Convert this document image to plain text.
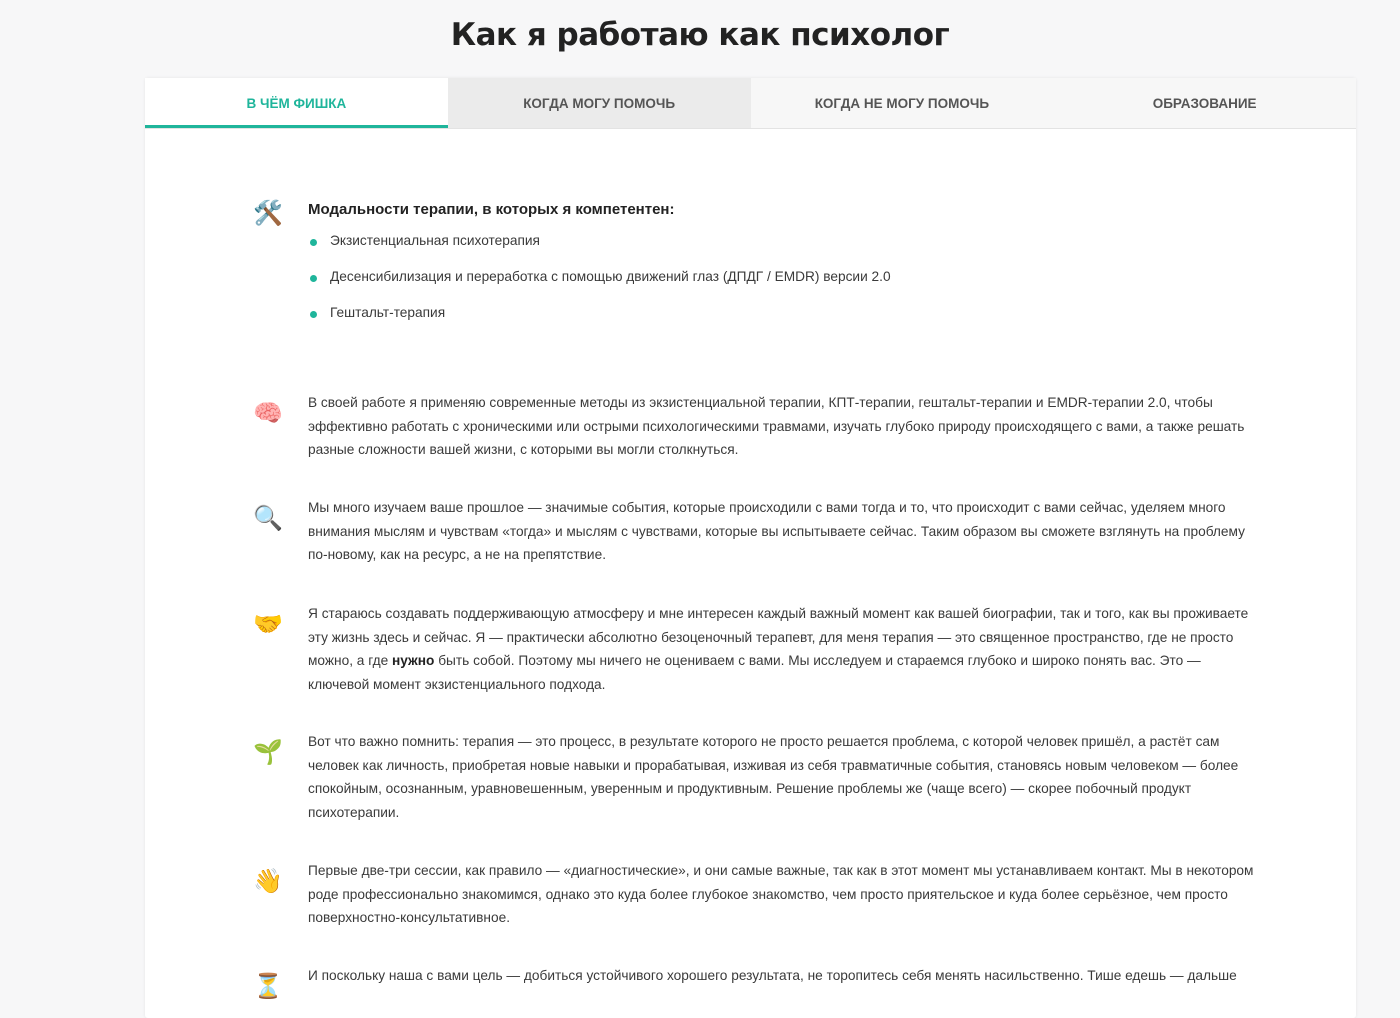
Как я работаю как психолог
В ЧЁМ ФИШКА	КОГДА МОГУ ПОМОЧЬ	КОГДА НЕ МОГУ ПОМОЧЬ	ОБРАЗОВАНИЕ
🛠️ Модальности терапии, в которых я компетентен:

Экзистенциальная психотерапия
Десенсибилизация и переработка с помощью движений глаз (ДПДГ / EMDR) версии 2.0
Гештальт-терапия
🧠 В своей работе я применяю современные методы из экзистенциальной терапии, КПТ-терапии, гештальт-терапии и EMDR-терапии 2.0, чтобы эффективно работать с хроническими или острыми психологическими травмами, изучать глубоко природу происходящего с вами, а также решать разные сложности вашей жизни, с которыми вы могли столкнуться.

🔍 Мы много изучаем ваше прошлое — значимые события, которые происходили с вами тогда и то, что происходит с вами сейчас, уделяем много внимания мыслям и чувствам «тогда» и мыслям с чувствами, которые вы испытываете сейчас. Таким образом вы сможете взглянуть на проблему по-новому, как на ресурс, а не на препятствие.

🤝 Я стараюсь создавать поддерживающую атмосферу и мне интересен каждый важный момент как вашей биографии, так и того, как вы проживаете эту жизнь здесь и сейчас. Я — практически абсолютно безоценочный терапевт, для меня терапия — это священное пространство, где не просто можно, а где нужно быть собой. Поэтому мы ничего не оцениваем с вами. Мы исследуем и стараемся глубоко и широко понять вас. Это — ключевой момент экзистенциального подхода.

🌱 Вот что важно помнить: терапия — это процесс, в результате которого не просто решается проблема, с которой человек пришёл, а растёт сам человек как личность, приобретая новые навыки и прорабатывая, изживая из себя травматичные события, становясь новым человеком — более спокойным, осознанным, уравновешенным, уверенным и продуктивным. Решение проблемы же (чаще всего) — скорее побочный продукт психотерапии.

👋 Первые две-три сессии, как правило — «диагностические», и они самые важные, так как в этот момент мы устанавливаем контакт. Мы в некотором роде профессионально знакомимся, однако это куда более глубокое знакомство, чем просто приятельское и куда более серьёзное, чем просто поверхностно-консультативное.

⏳ И поскольку наша с вами цель — добиться устойчивого хорошего результата, не торопитесь себя менять насильственно. Тише едешь — дальше
